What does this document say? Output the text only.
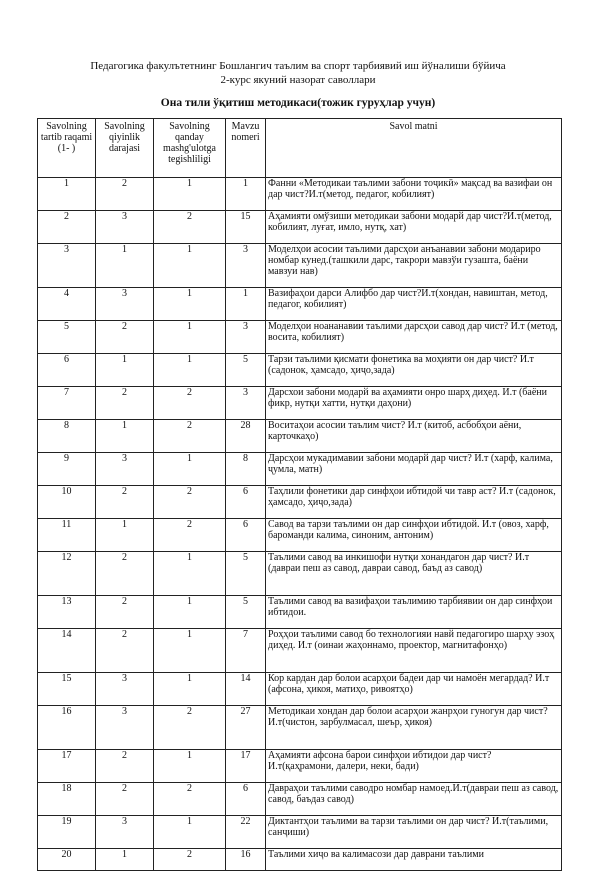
Педагогика факулътетнинг Бошлангич таълим ва спорт тарбиявий иш йўналиши бўйича
2-курс якуний назорат саволлари
Она тили ўқитиш методикаси(тожик гуруҳлар учун)
Savolning tartib raqami (1- )	Savolning qiyinlik darajasi	Savolning qanday mashg'ulotga tegishliligi	Mavzu nomeri	Savol matni
1	2	1	1	Фанни «Методикаи таълими забони тоҷикӣ» мақсад ва вазифаи он дар чист?И.т(метод, педагог, кобилият)
2	3	2	15	Аҳамияти омўзиши методикаи забони модарй дар чист?И.т(метод, кобилият, луғат, имло, нутқ, хат)
3	1	1	3	Моделҳои асосии таълими дарсҳои анъанавии забони модариро номбар кунед.(ташкили дарс, такрори мавзўи гузашта, баёни мавзуи нав)
4	3	1	1	Вазифаҳои дарси Алифбо дар чист?И.т(хондан, навиштан, метод, педагог, кобилият)
5	2	1	3	Моделҳои ноананавии таълими дарсҳои савод дар чист? И.т (метод, восита, кобилият)
6	1	1	5	Тарзи таълими қисмати фонетика ва моҳияти он дар чист? И.т (садонок, ҳамсадо, ҳиҷо,зада)
7	2	2	3	Дарсхои забони модарй ва аҳамияти онро шарҳ диҳед. И.т (баёни фикр, нутқи хатти, нутқи даҳони)
8	1	2	28	Воситаҳои асосии таълим чист? И.т (китоб, асбобҳои аёни, карточкаҳо)
9	3	1	8	Дарсҳои мукадимавии забони модарй дар чист? И.т (харф, калима, ҷумла, матн)
10	2	2	6	Таҳлили фонетики дар синфҳои ибтидой чи тавр аст? И.т (садонок, ҳамсадо, ҳиҷо,зада)
11	1	2	6	Савод ва тарзи таълими он дар синфҳои ибтидой. И.т (овоз, харф, бароманди калима, синоним, антоним)
12	2	1	5	Таълими савод ва инкишофи нутқи хонандагон дар чист? И.т (давраи пеш аз савод, давраи савод, баъд аз савод)
13	2	1	5	Таълими савод ва вазифаҳои таълимию тарбиявии он дар синфҳои ибтидои.
14	2	1	7	Роҳҳои таълими савод бо технологияи навй педагогиро шарҳу эзоҳ диҳед. И.т (оинаи жаҳоннамо, проектор, магнитафонҳо)
15	3	1	14	Кор кардан дар болои асарҳои бадеи дар чи намоён мегардад? И.т (афсона, ҳикоя, матиҳо, ривоятҳо)
16	3	2	27	Методикаи хондан дар болои асарҳои жанрҳои гуногун дар чист? И.т(чистон, зарбулмасал, шеър, ҳикоя)
17	2	1	17	Аҳамияти афсона барои синфҳои ибтидои дар чист? И.т(қаҳрамони, далери, неки, бади)
18	2	2	6	Давраҳои таълими саводро номбар намоед.И.т(давраи пеш аз савод, савод, баъдаз савод)
19	3	1	22	Диктантҳои таълими ва тарзи таълими он дар чист? И.т(таълими, санҷиши)
20	1	2	16	Таълими хиҷо ва калимасози дар даврани таълими
